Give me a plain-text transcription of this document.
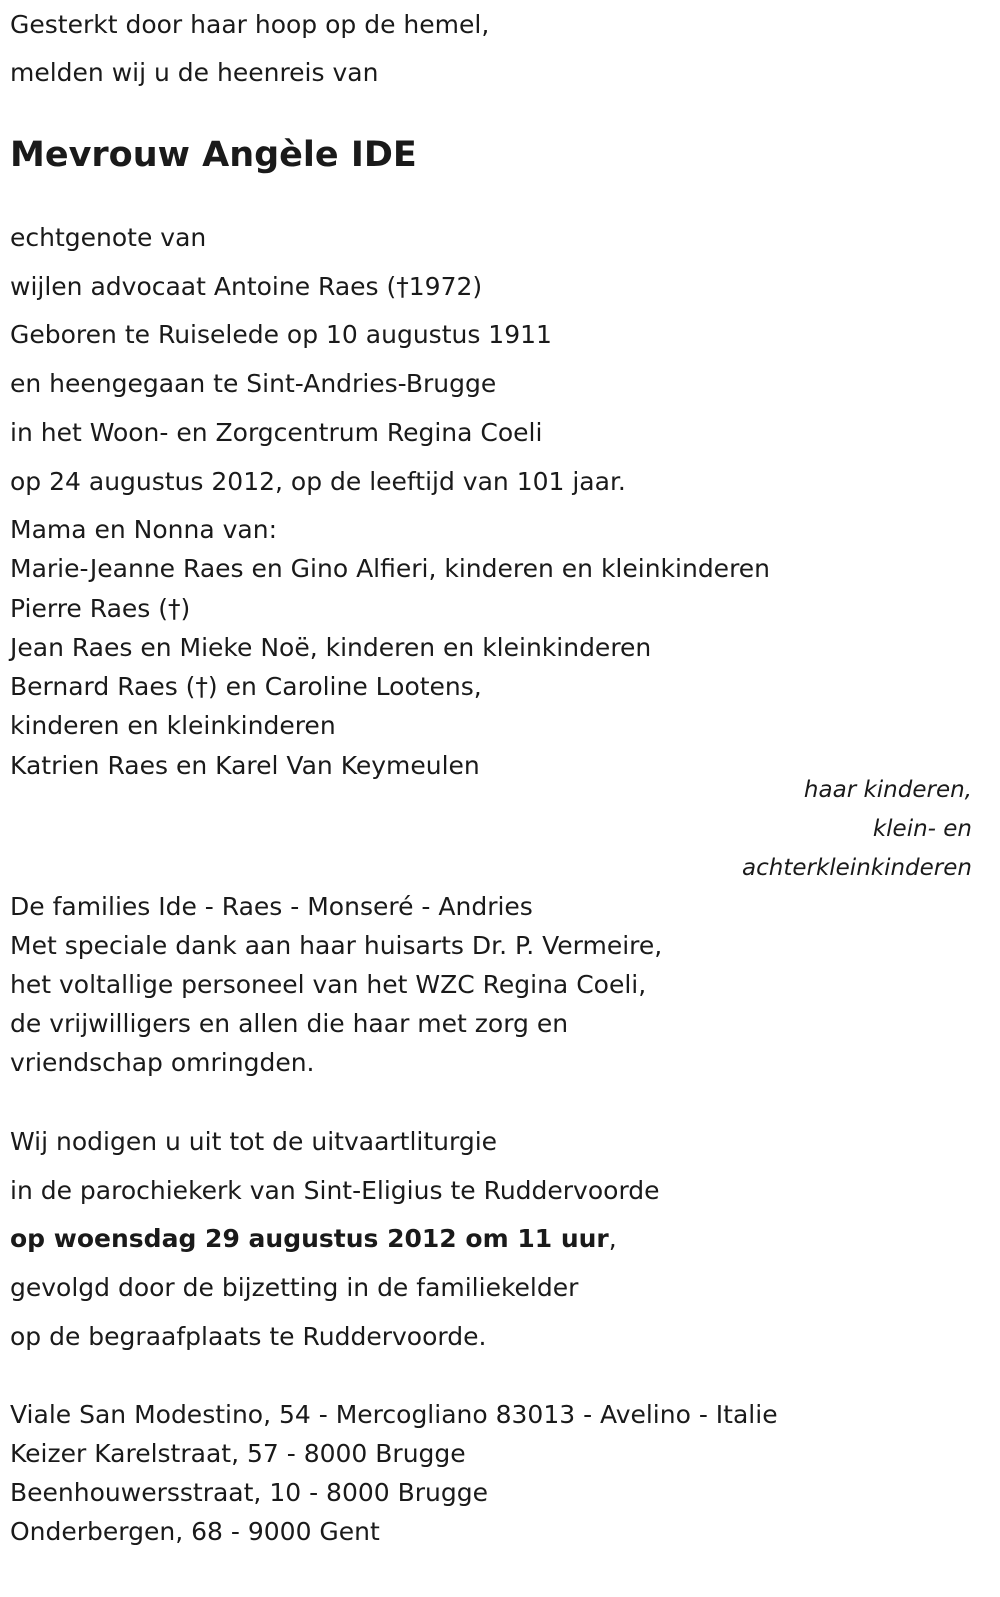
Gesterkt door haar hoop op de hemel,
melden wij u de heenreis van
Mevrouw Angèle IDE
echtgenote van
wijlen advocaat Antoine Raes (†1972)
Geboren te Ruiselede op 10 augustus 1911
en heengegaan te Sint-Andries-Brugge
in het Woon- en Zorgcentrum Regina Coeli
op 24 augustus 2012, op de leeftijd van 101 jaar.
Mama en Nonna van:
Marie-Jeanne Raes en Gino Alfieri, kinderen en kleinkinderen
Pierre Raes (†)
Jean Raes en Mieke Noë, kinderen en kleinkinderen
Bernard Raes (†) en Caroline Lootens,
kinderen en kleinkinderen
Katrien Raes en Karel Van Keymeulen
haar kinderen,
klein- en
achterkleinkinderen
De families Ide - Raes - Monseré - Andries
Met speciale dank aan haar huisarts Dr. P. Vermeire,
het voltallige personeel van het WZC Regina Coeli,
de vrijwilligers en allen die haar met zorg en
vriendschap omringden.
Wij nodigen u uit tot de uitvaartliturgie
in de parochiekerk van Sint-Eligius te Ruddervoorde
op woensdag 29 augustus 2012 om 11 uur,
gevolgd door de bijzetting in de familiekelder
op de begraafplaats te Ruddervoorde.
Viale San Modestino, 54 - Mercogliano 83013 - Avelino - Italie
Keizer Karelstraat, 57 - 8000 Brugge
Beenhouwersstraat, 10 - 8000 Brugge
Onderbergen, 68 - 9000 Gent
